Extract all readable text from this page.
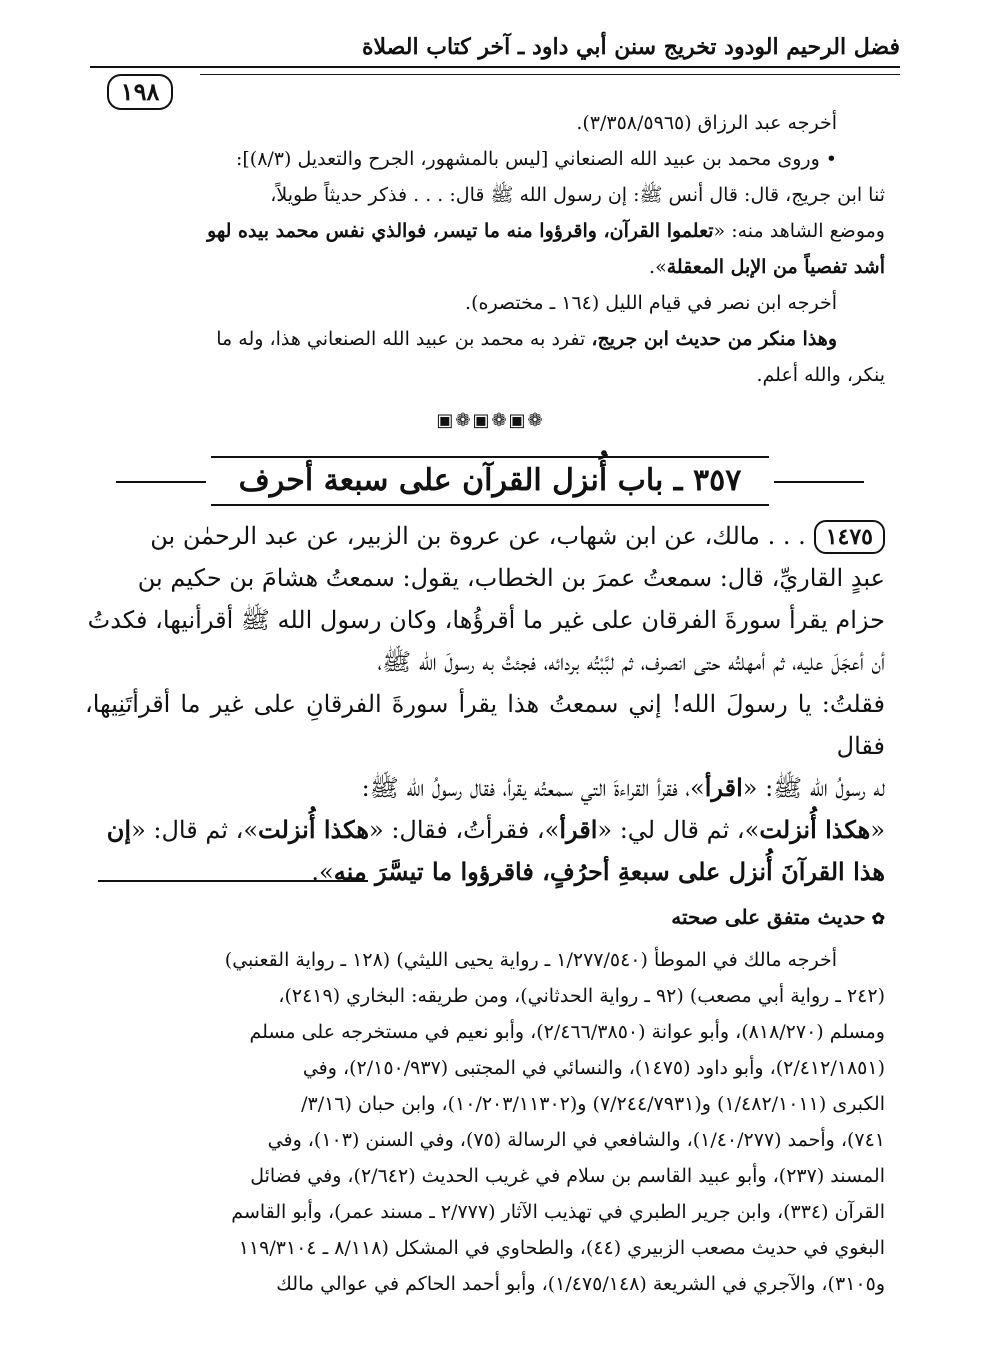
فضل الرحيم الودود تخريج سنن أبي داود ـ آخر كتاب الصلاة
١٩٨
أخرجه عبد الرزاق (٣/٣٥٨/٥٩٦٥).
• وروى محمد بن عبيد الله الصنعاني [ليس بالمشهور، الجرح والتعديل (٨/٣)]:
ثنا ابن جريج، قال: قال أنس ﷺ: إن رسول الله ﷺ قال: . . . فذكر حديثاً طويلاً،
وموضع الشاهد منه: «تعلموا القرآن، واقرؤوا منه ما تيسر، فوالذي نفس محمد بيده لهو
أشد تفصياً من الإبل المعقلة».
أخرجه ابن نصر في قيام الليل (١٦٤ ـ مختصره).
وهذا منكر من حديث ابن جريج، تفرد به محمد بن عبيد الله الصنعاني هذا، وله ما
ينكر، والله أعلم.
❁▣❁▣❁▣
٣٥٧ ـ باب أُنزل القرآن على سبعة أحرف
١٤٧٥. . . مالك، عن ابن شهاب، عن عروة بن الزبير، عن عبد الرحمٰن بن
عبدٍ القاريِّ، قال: سمعتُ عمرَ بن الخطاب، يقول: سمعتُ هشامَ بن حكيم بن
حزام يقرأ سورةَ الفرقان على غير ما أقرؤُها، وكان رسول الله ﷺ أقرأنيها، فكدتُ
أن أعجَلَ عليه، ثم أمهلتُه حتى انصرف، ثم لبَّبْتُه بردائه، فجئتُ به رسولَ الله ﷺ،
فقلتُ: يا رسولَ الله! إني سمعتُ هذا يقرأ سورةَ الفرقانِ على غير ما أقرأتَنِيها، فقال
له رسولُ الله ﷺ: «اقرأ»، فقرأ القراءةَ التي سمعتُه يقرأ، فقال رسولُ الله ﷺ:
«هكذا أُنزلت»، ثم قال لي: «اقرأ»، فقرأتُ، فقال: «هكذا أُنزلت»، ثم قال: «إن
هذا القرآنَ أُنزل على سبعةِ أحرُفٍ، فاقرؤوا ما تيسَّرَ منه».
✿حديث متفق على صحته
أخرجه مالك في الموطأ (١/٢٧٧/٥٤٠ ـ رواية يحيى الليثي) (١٢٨ ـ رواية القعنبي)
(٢٤٢ ـ رواية أبي مصعب) (٩٢ ـ رواية الحدثاني)، ومن طريقه: البخاري (٢٤١٩)،
ومسلم (٨١٨/٢٧٠)، وأبو عوانة (٢/٤٦٦/٣٨٥٠)، وأبو نعيم في مستخرجه على مسلم
(٢/٤١٢/١٨٥١)، وأبو داود (١٤٧٥)، والنسائي في المجتبى (٢/١٥٠/٩٣٧)، وفي
الكبرى (١/٤٨٢/١٠١١) و(٧/٢٤٤/٧٩٣١) و(١٠/٢٠٣/١١٣٠٢)، وابن حبان (٣/١٦/
٧٤١)، وأحمد (١/٤٠/٢٧٧)، والشافعي في الرسالة (٧٥)، وفي السنن (١٠٣)، وفي
المسند (٢٣٧)، وأبو عبيد القاسم بن سلام في غريب الحديث (٢/٦٤٢)، وفي فضائل
القرآن (٣٣٤)، وابن جرير الطبري في تهذيب الآثار (٢/٧٧٧ ـ مسند عمر)، وأبو القاسم
البغوي في حديث مصعب الزبيري (٤٤)، والطحاوي في المشكل (٨/١١٨ ـ ١١٩/٣١٠٤
و٣١٠٥)، والآجري في الشريعة (١/٤٧٥/١٤٨)، وأبو أحمد الحاكم في عوالي مالك
